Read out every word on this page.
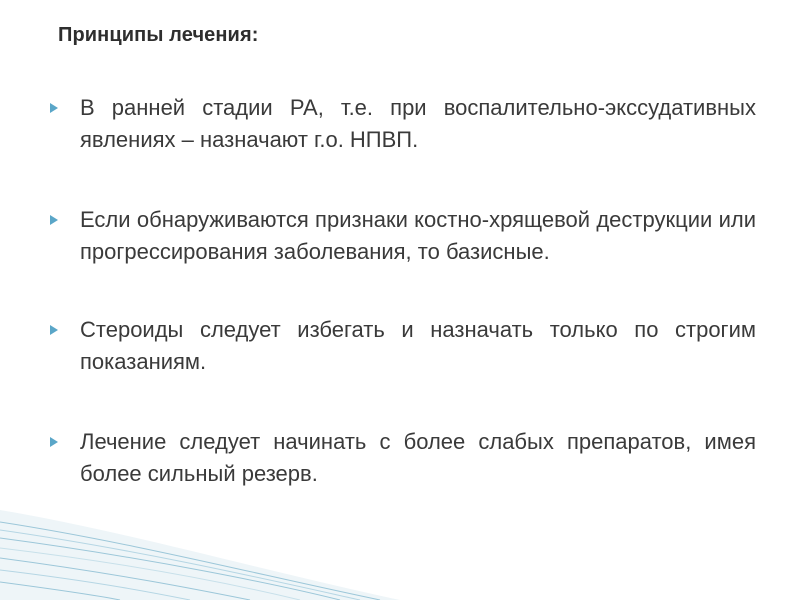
Принципы лечения:
В ранней стадии РА, т.е. при воспалительно-экссудативных явлениях – назначают г.о. НПВП.
Если обнаруживаются признаки костно-хрящевой деструкции или прогрессирования заболевания, то базисные.
Стероиды следует избегать и назначать только по строгим показаниям.
Лечение следует начинать с более слабых препаратов, имея более сильный резерв.
